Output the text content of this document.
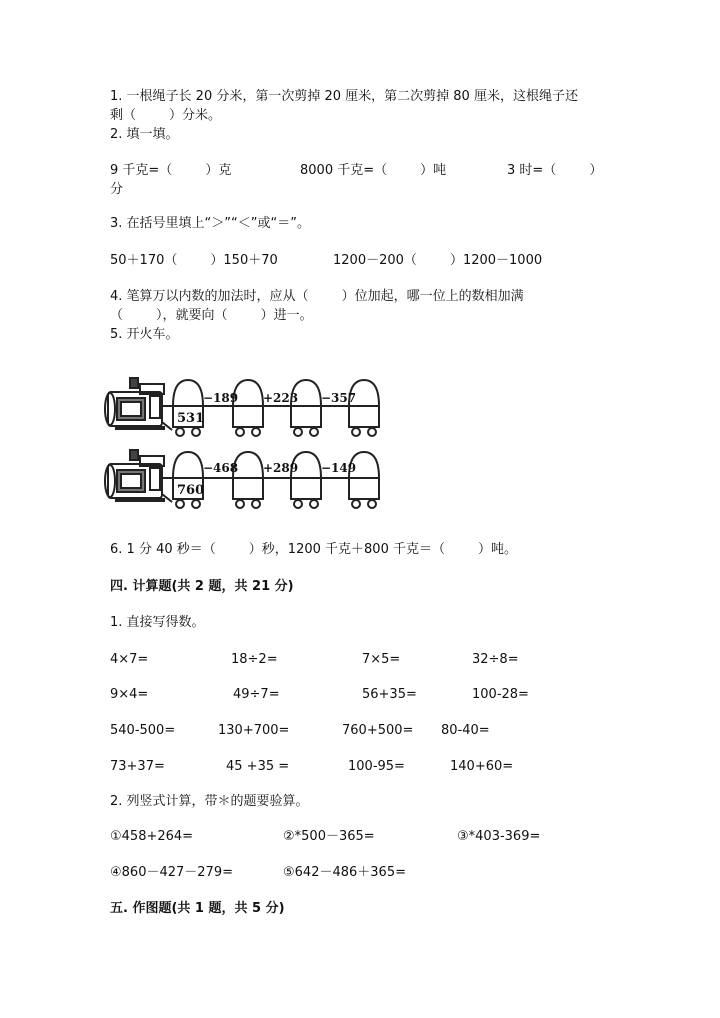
1. 一根绳子长 20 分米，第一次剪掉 20 厘米，第二次剪掉 80 厘米，这根绳子还
剩（        ）分米。
2. 填一填。
9 千克=（        ）克	8000 千克=（        ）吨	3 时=（        ）
分
3. 在括号里填上“＞”“＜”或“＝”。
50＋170（        ）150＋70	1200－200（        ）1200－1000
4. 笔算万以内数的加法时，应从（        ）位加起，哪一位上的数相加满
（        ），就要向（        ）进一。
5. 开火车。
531
−189 +223 −357
760
−468 +289 −149
6. 1 分 40 秒＝（        ）秒，1200 千克＋800 千克＝（        ）吨。
四. 计算题(共 2 题，共 21 分)
1. 直接写得数。
4×7=	18÷2=	7×5=	32÷8=
9×4=	49÷7=	56+35=	100-28=
540-500=	130+700=	760+500= 80-40=
73+37=	45 +35 =	100-95=	140+60=
2. 列竖式计算，带＊的题要验算。
①458+264=	②*500－365=	③*403-369=
④860－427－279=	⑤642－486＋365=
五. 作图题(共 1 题，共 5 分)
